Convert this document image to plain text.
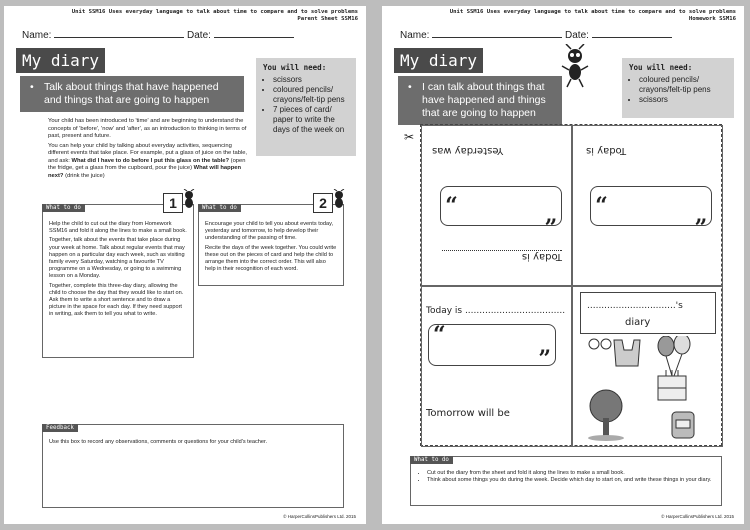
Unit SSM16 Uses everyday language to talk about time to compare and to solve problems
Parent Sheet SSM16
Name:	Date:
My diary
• Talk about things that have happened and things that are going to happen
You will need:
• scissors
• coloured pencils/ crayons/felt-tip pens
• 7 pieces of card/ paper to write the days of the week on
Your child has been introduced to 'time' and are beginning to understand the concepts of 'before', 'now' and 'after', as an introduction to thinking in terms of past, present and future.
You can help your child by talking about everyday activities, sequencing different events that take place. For example, put a glass of juice on the table, and ask: What did I have to do before I put this glass on the table? (open the fridge, get a glass from the cupboard, pour the juice) What will happen next? (drink the juice)
What to do	1

Help the child to cut out the diary from Homework SSM16 and fold it along the lines to make a small book.

Together, talk about the events that take place during your week at home. Talk about regular events that may happen on a particular day each week, such as visiting family every Saturday, watching a favourite TV programme on a Wednesday, or going to a swimming lesson on a Monday.

Together, complete this three-day diary, allowing the child to choose the day that they would like to start on. Ask them to write a short sentence and to draw a picture in the space for each day. If they need support in writing, ask them to tell you what to write.

What to do	2

Encourage your child to tell you about events today, yesterday and tomorrow, to help develop their understanding of the passing of time.

Recite the days of the week together. You could write these out on the pieces of card and help the child to arrange them into the correct order. This will also help in their recognition of each word.

Feedback
Use this box to record any observations, comments or questions for your child's teacher.
© HarperCollinsPublishers Ltd. 2015
Unit SSM16 Uses everyday language to talk about time to compare and to solve problems
Homework SSM16
Name:	Date:
My diary
• I can talk about things that have happened and things that are going to happen
You will need:
• coloured pencils/ crayons/felt-tip pens
• scissors
✂
Yesterday was
“
”
Today is
Today is
“
”
Today is ...................................
“
”
Tomorrow will be
...............................'s
diary
What to do
• Cut out the diary from the sheet and fold it along the lines to make a small book.
• Think about some things you do during the week. Decide which day to start on, and write these things in your diary.
© HarperCollinsPublishers Ltd. 2015
